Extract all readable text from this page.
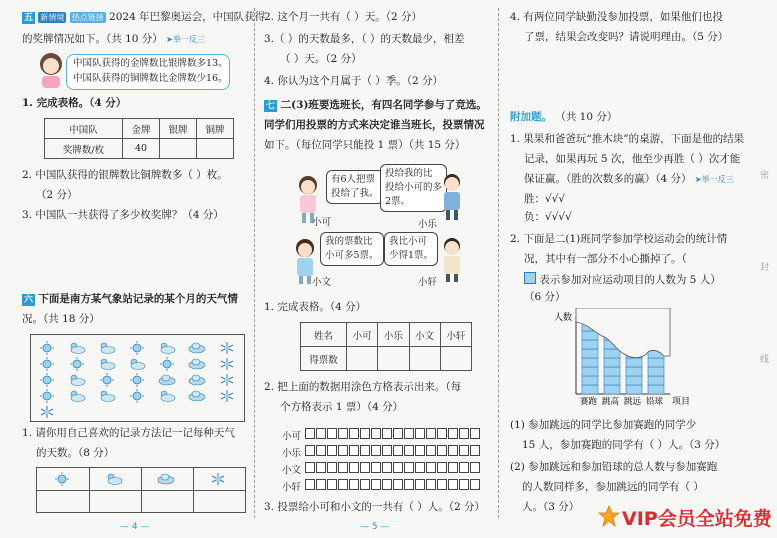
五 新情境 热点链接 2024 年巴黎奥运会，中国队获得
的奖牌情况如下。（共 10 分） ➤举一反三
中国队获得的金牌数比银牌数多13。
中国队获得的铜牌数比金牌数少16。
1. 完成表格。（4 分）
中国队	金牌	银牌	铜牌
奖牌数/枚	40		
2. 中国队获得的银牌数比铜牌数多（ ）枚。
（2 分）
3. 中国队一共获得了多少枚奖牌？（4 分）
六 下面是南方某气象站记录的某个月的天气情
况。（共 18 分）
1. 请你用自己喜欢的记录方法记一记每种天气
的天数。（8 分）
— 4 —
2. 这个月一共有（ ）天。（2 分）
3.（ ）的天数最多，（ ）的天数最少，相差
（ ）天。（2 分）
4. 你认为这个月属于（ ）季。（2 分）
七 二(3)班要选班长，有四名同学参与了竞选。
同学们用投票的方式来决定谁当班长，投票情况
如下。（每位同学只能投 1 票）（共 15 分）
有6人把票
投给了我。
小可
投给我的比
投给小可的多
2票。
小乐
我的票数比
小可多5票。
小文
我比小可
少得1票。
小轩
1. 完成表格。（4 分）
姓名	小可	小乐	小文	小轩
得票数				
2. 把上面的数据用涂色方格表示出来。（每
个方格表示 1 票）（4 分）
小可
小乐
小文
小轩
3. 投票给小可和小文的一共有（ ）人。（2 分）
— 5 —
4. 有两位同学缺勤没参加投票，如果他们也投
了票，结果会改变吗？请说明理由。（5 分）
附加题。 （共 10 分）
1. 果果和爸爸玩“推木块”的桌游，下面是他的结果
记录，如果再玩 5 次，他至少再胜（ ）次才能
保证赢。（胜的次数多的赢）（4 分） ➤举一反三
胜：√√√
负：√√√√
2. 下面是二(1)班同学参加学校运动会的统计情
况，其中有一部分不小心撕掉了。（
表示参加对应运动项目的人数为 5 人）
（6 分）
人数
项目
赛跑 跳高 跳远 铅球
(1) 参加跳远的同学比参加赛跑的同学少
15 人，参加赛跑的同学有（ ）人。（3 分）
(2) 参加跳远和参加铅球的总人数与参加赛跑
的人数同样多，参加跳远的同学有（ ）
人。（3 分）
密
封
线
VIP会员全站免费
